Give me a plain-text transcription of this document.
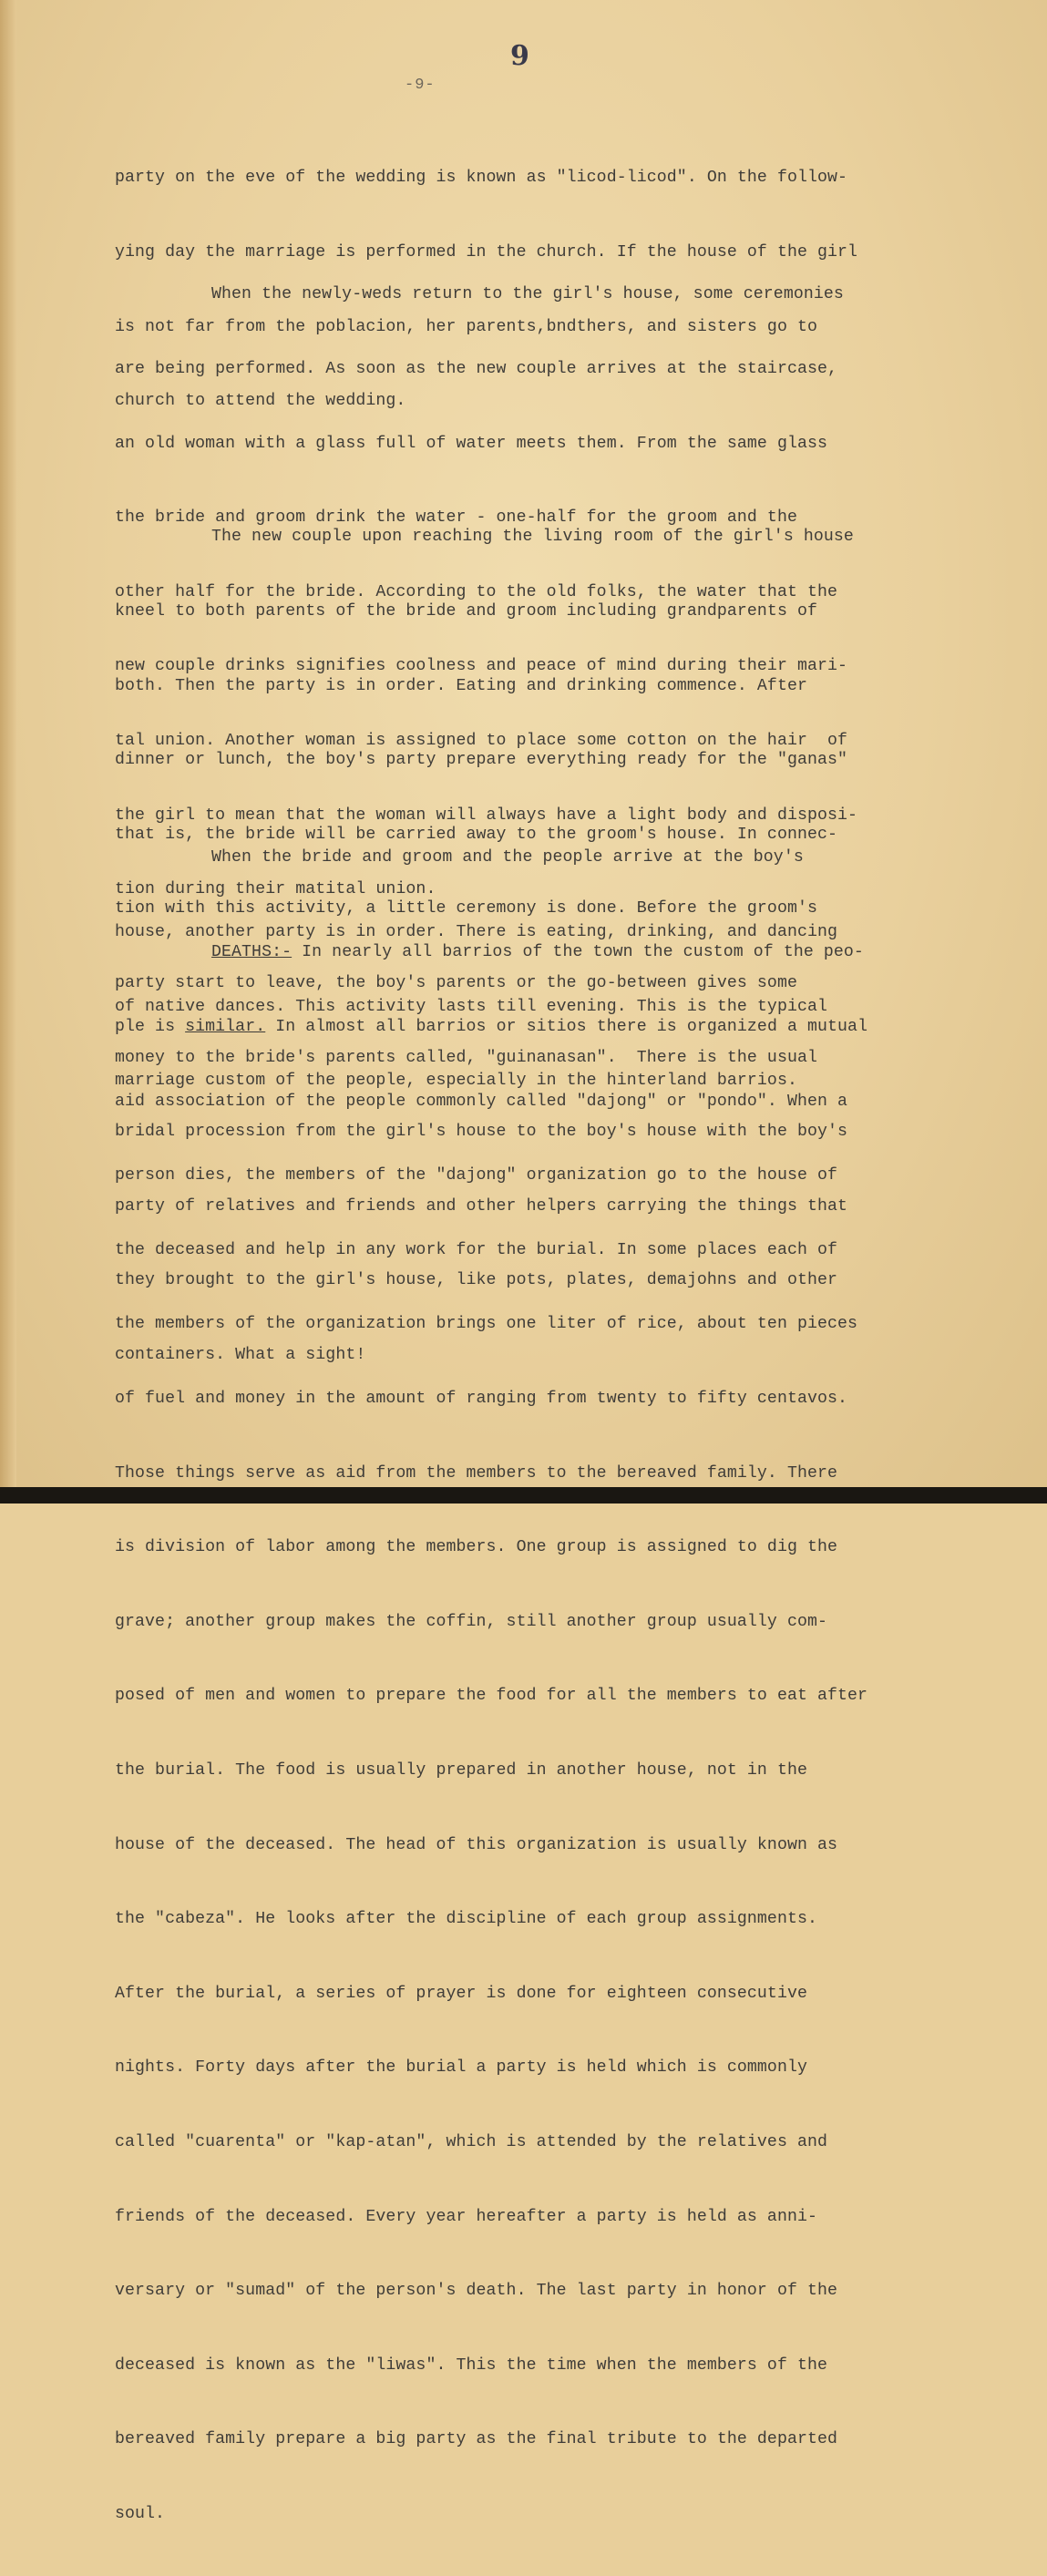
9
-9-

party on the eve of the wedding is known as "licod-licod". On the follow-

ying day the marriage is performed in the church. If the house of the girl

is not far from the poblacion, her parents,bndthers, and sisters go to

church to attend the wedding.

When the newly-weds return to the girl's house, some ceremonies

are being performed. As soon as the new couple arrives at the staircase,

an old woman with a glass full of water meets them. From the same glass

the bride and groom drink the water - one-half for the groom and the

other half for the bride. According to the old folks, the water that the

new couple drinks signifies coolness and peace of mind during their mari-

tal union. Another woman is assigned to place some cotton on the hair  of

the girl to mean that the woman will always have a light body and disposi-

tion during their matital union.

The new couple upon reaching the living room of the girl's house

kneel to both parents of the bride and groom including grandparents of

both. Then the party is in order. Eating and drinking commence. After

dinner or lunch, the boy's party prepare everything ready for the "ganas"

that is, the bride will be carried away to the groom's house. In connec-

tion with this activity, a little ceremony is done. Before the groom's

party start to leave, the boy's parents or the go-between gives some

money to the bride's parents called, "guinanasan".  There is the usual

bridal procession from the girl's house to the boy's house with the boy's

party of relatives and friends and other helpers carrying the things that

they brought to the girl's house, like pots, plates, demajohns and other

containers. What a sight!

When the bride and groom and the people arrive at the boy's

house, another party is in order. There is eating, drinking, and dancing

of native dances. This activity lasts till evening. This is the typical

marriage custom of the people, especially in the hinterland barrios.

DEATHS:- In nearly all barrios of the town the custom of the peo-

ple is similar. In almost all barrios or sitios there is organized a mutual

aid association of the people commonly called "dajong" or "pondo". When a

person dies, the members of the "dajong" organization go to the house of

the deceased and help in any work for the burial. In some places each of

the members of the organization brings one liter of rice, about ten pieces

of fuel and money in the amount of ranging from twenty to fifty centavos.

Those things serve as aid from the members to the bereaved family. There

is division of labor among the members. One group is assigned to dig the

grave; another group makes the coffin, still another group usually com-

posed of men and women to prepare the food for all the members to eat after

the burial. The food is usually prepared in another house, not in the

house of the deceased. The head of this organization is usually known as

the "cabeza". He looks after the discipline of each group assignments.

After the burial, a series of prayer is done for eighteen consecutive

nights. Forty days after the burial a party is held which is commonly

called "cuarenta" or "kap-atan", which is attended by the relatives and

friends of the deceased. Every year hereafter a party is held as anni-

versary or "sumad" of the person's death. The last party in honor of the

deceased is known as the "liwas". This the time when the members of the

bereaved family prepare a big party as the final tribute to the departed

soul.
